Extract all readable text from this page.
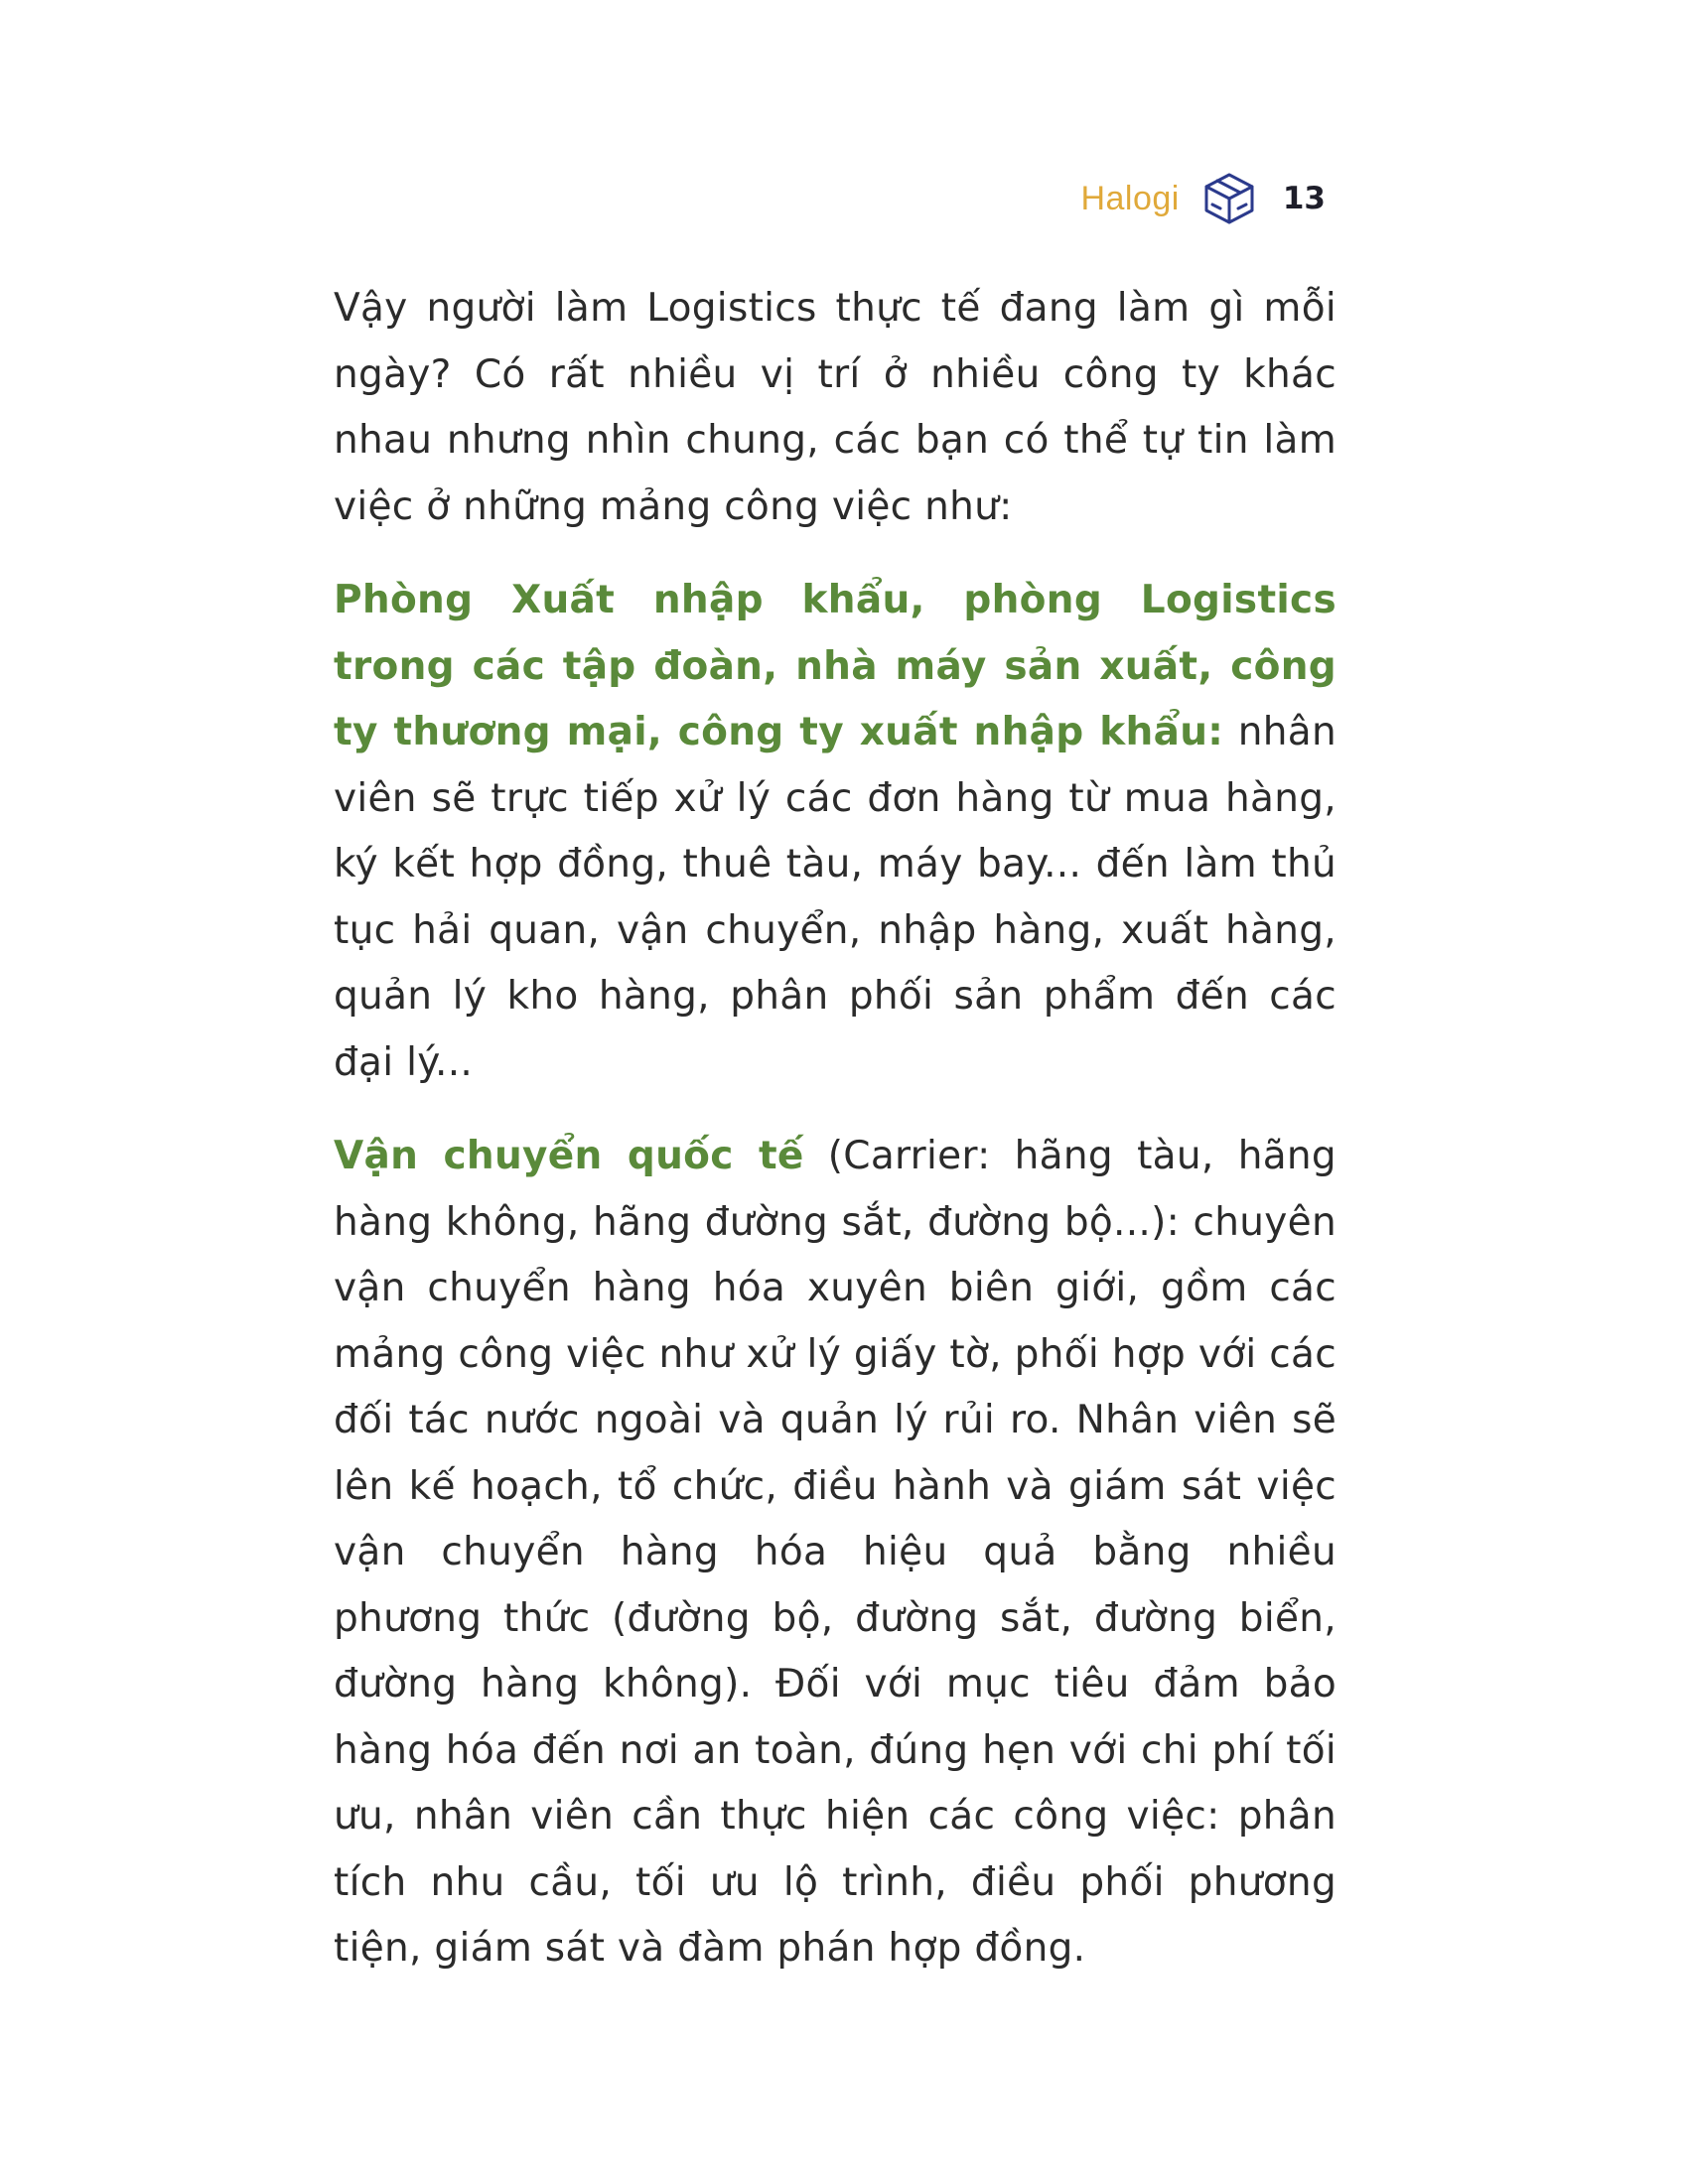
Halogi	13

Vậy người làm Logistics thực tế đang làm gì mỗi ngày? Có rất nhiều vị trí ở nhiều công ty khác nhau nhưng nhìn chung, các bạn có thể tự tin làm việc ở những mảng công việc như:

Phòng Xuất nhập khẩu, phòng Logistics trong các tập đoàn, nhà máy sản xuất, công ty thương mại, công ty xuất nhập khẩu: nhân viên sẽ trực tiếp xử lý các đơn hàng từ mua hàng, ký kết hợp đồng, thuê tàu, máy bay... đến làm thủ tục hải quan, vận chuyển, nhập hàng, xuất hàng, quản lý kho hàng, phân phối sản phẩm đến các đại lý...

Vận chuyển quốc tế (Carrier: hãng tàu, hãng hàng không, hãng đường sắt, đường bộ...): chuyên vận chuyển hàng hóa xuyên biên giới, gồm các mảng công việc như xử lý giấy tờ, phối hợp với các đối tác nước ngoài và quản lý rủi ro. Nhân viên sẽ lên kế hoạch, tổ chức, điều hành và giám sát việc vận chuyển hàng hóa hiệu quả bằng nhiều phương thức (đường bộ, đường sắt, đường biển, đường hàng không). Đối với mục tiêu đảm bảo hàng hóa đến nơi an toàn, đúng hẹn với chi phí tối ưu, nhân viên cần thực hiện các công việc: phân tích nhu cầu, tối ưu lộ trình, điều phối phương tiện, giám sát và đàm phán hợp đồng.
